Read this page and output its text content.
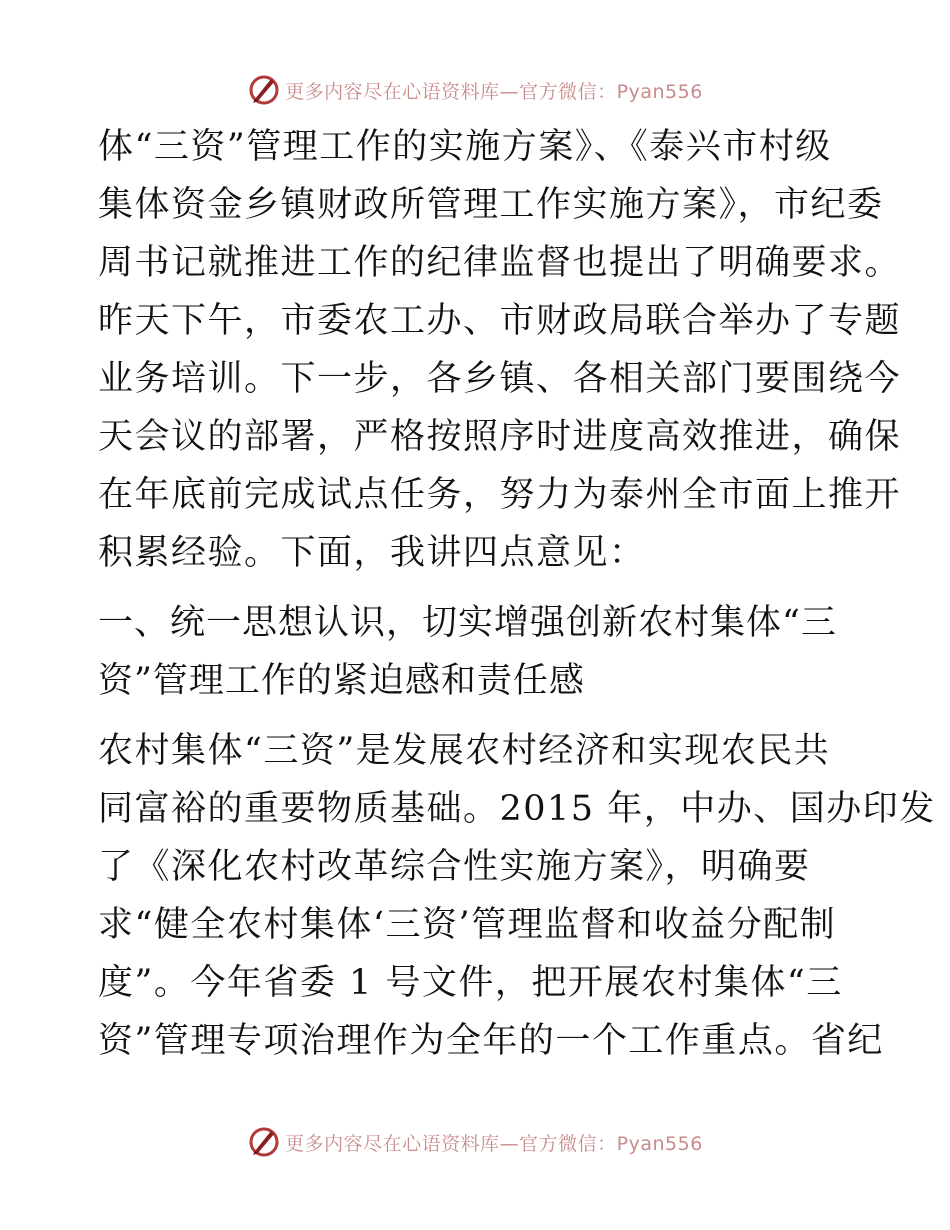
更多内容尽在心语资料库—官方微信：Pyan556
体“三资”管理工作的实施方案》、《泰兴市村级
集体资金乡镇财政所管理工作实施方案》，市纪委
周书记就推进工作的纪律监督也提出了明确要求。
昨天下午，市委农工办、市财政局联合举办了专题
业务培训。下一步，各乡镇、各相关部门要围绕今
天会议的部署，严格按照序时进度高效推进，确保
在年底前完成试点任务，努力为泰州全市面上推开
积累经验。下面，我讲四点意见：
一、统一思想认识，切实增强创新农村集体“三
资”管理工作的紧迫感和责任感
农村集体“三资”是发展农村经济和实现农民共
同富裕的重要物质基础。2015 年，中办、国办印发
了《深化农村改革综合性实施方案》，明确要
求“健全农村集体‘三资’管理监督和收益分配制
度”。今年省委 1 号文件，把开展农村集体“三
资”管理专项治理作为全年的一个工作重点。省纪
更多内容尽在心语资料库—官方微信：Pyan556
